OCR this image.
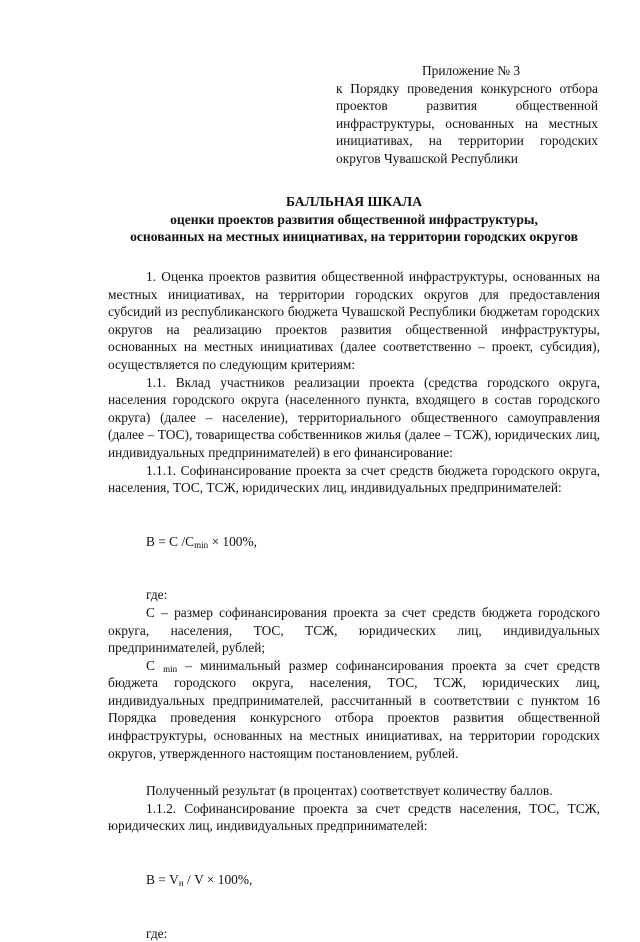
Приложение № 3
к Порядку проведения конкурсного отбора проектов развития общественной инфраструктуры, основанных на местных инициативах, на территории городских округов Чувашской Республики
БАЛЛЬНАЯ ШКАЛА
оценки проектов развития общественной инфраструктуры,
основанных на местных инициативах, на территории городских округов

1. Оценка проектов развития общественной инфраструктуры, основанных на местных инициативах, на территории городских округов для предоставления субсидий из республиканского бюджета Чувашской Республики бюджетам городских округов на реализацию проектов развития общественной инфраструктуры, основанных на местных инициативах (далее соответственно – проект, субсидия), осуществляется по следующим критериям:

1.1. Вклад участников реализации проекта (средства городского округа, населения городского округа (населенного пункта, входящего в состав городского округа) (далее – население), территориального общественного самоуправления (далее – ТОС), товарищества собственников жилья (далее – ТСЖ), юридических лиц, индивидуальных предпринимателей) в его финансирование:

1.1.1. Софинансирование проекта за счет средств бюджета городского округа, населения, ТОС, ТСЖ, юридических лиц, индивидуальных предпринимателей:

В = С $/С_{min} \times 100\%$,

где:

С – размер софинансирования проекта за счет средств бюджета городского округа, населения, ТОС, ТСЖ, юридических лиц, индивидуальных предпринимателей, рублей;

С $_{min}$ – минимальный размер софинансирования проекта за счет средств бюджета городского округа, населения, ТОС, ТСЖ, юридических лиц, индивидуальных предпринимателей, рассчитанный в соответствии с пунктом 16 Порядка проведения конкурсного отбора проектов развития общественной инфраструктуры, основанных на местных инициативах, на территории городских округов, утвержденного настоящим постановлением, рублей.

Полученный результат (в процентах) соответствует количеству баллов.

1.1.2. Софинансирование проекта за счет средств населения, ТОС, ТСЖ, юридических лиц, индивидуальных предпринимателей:

$В = V_н / V \times 100\%$,

где:
